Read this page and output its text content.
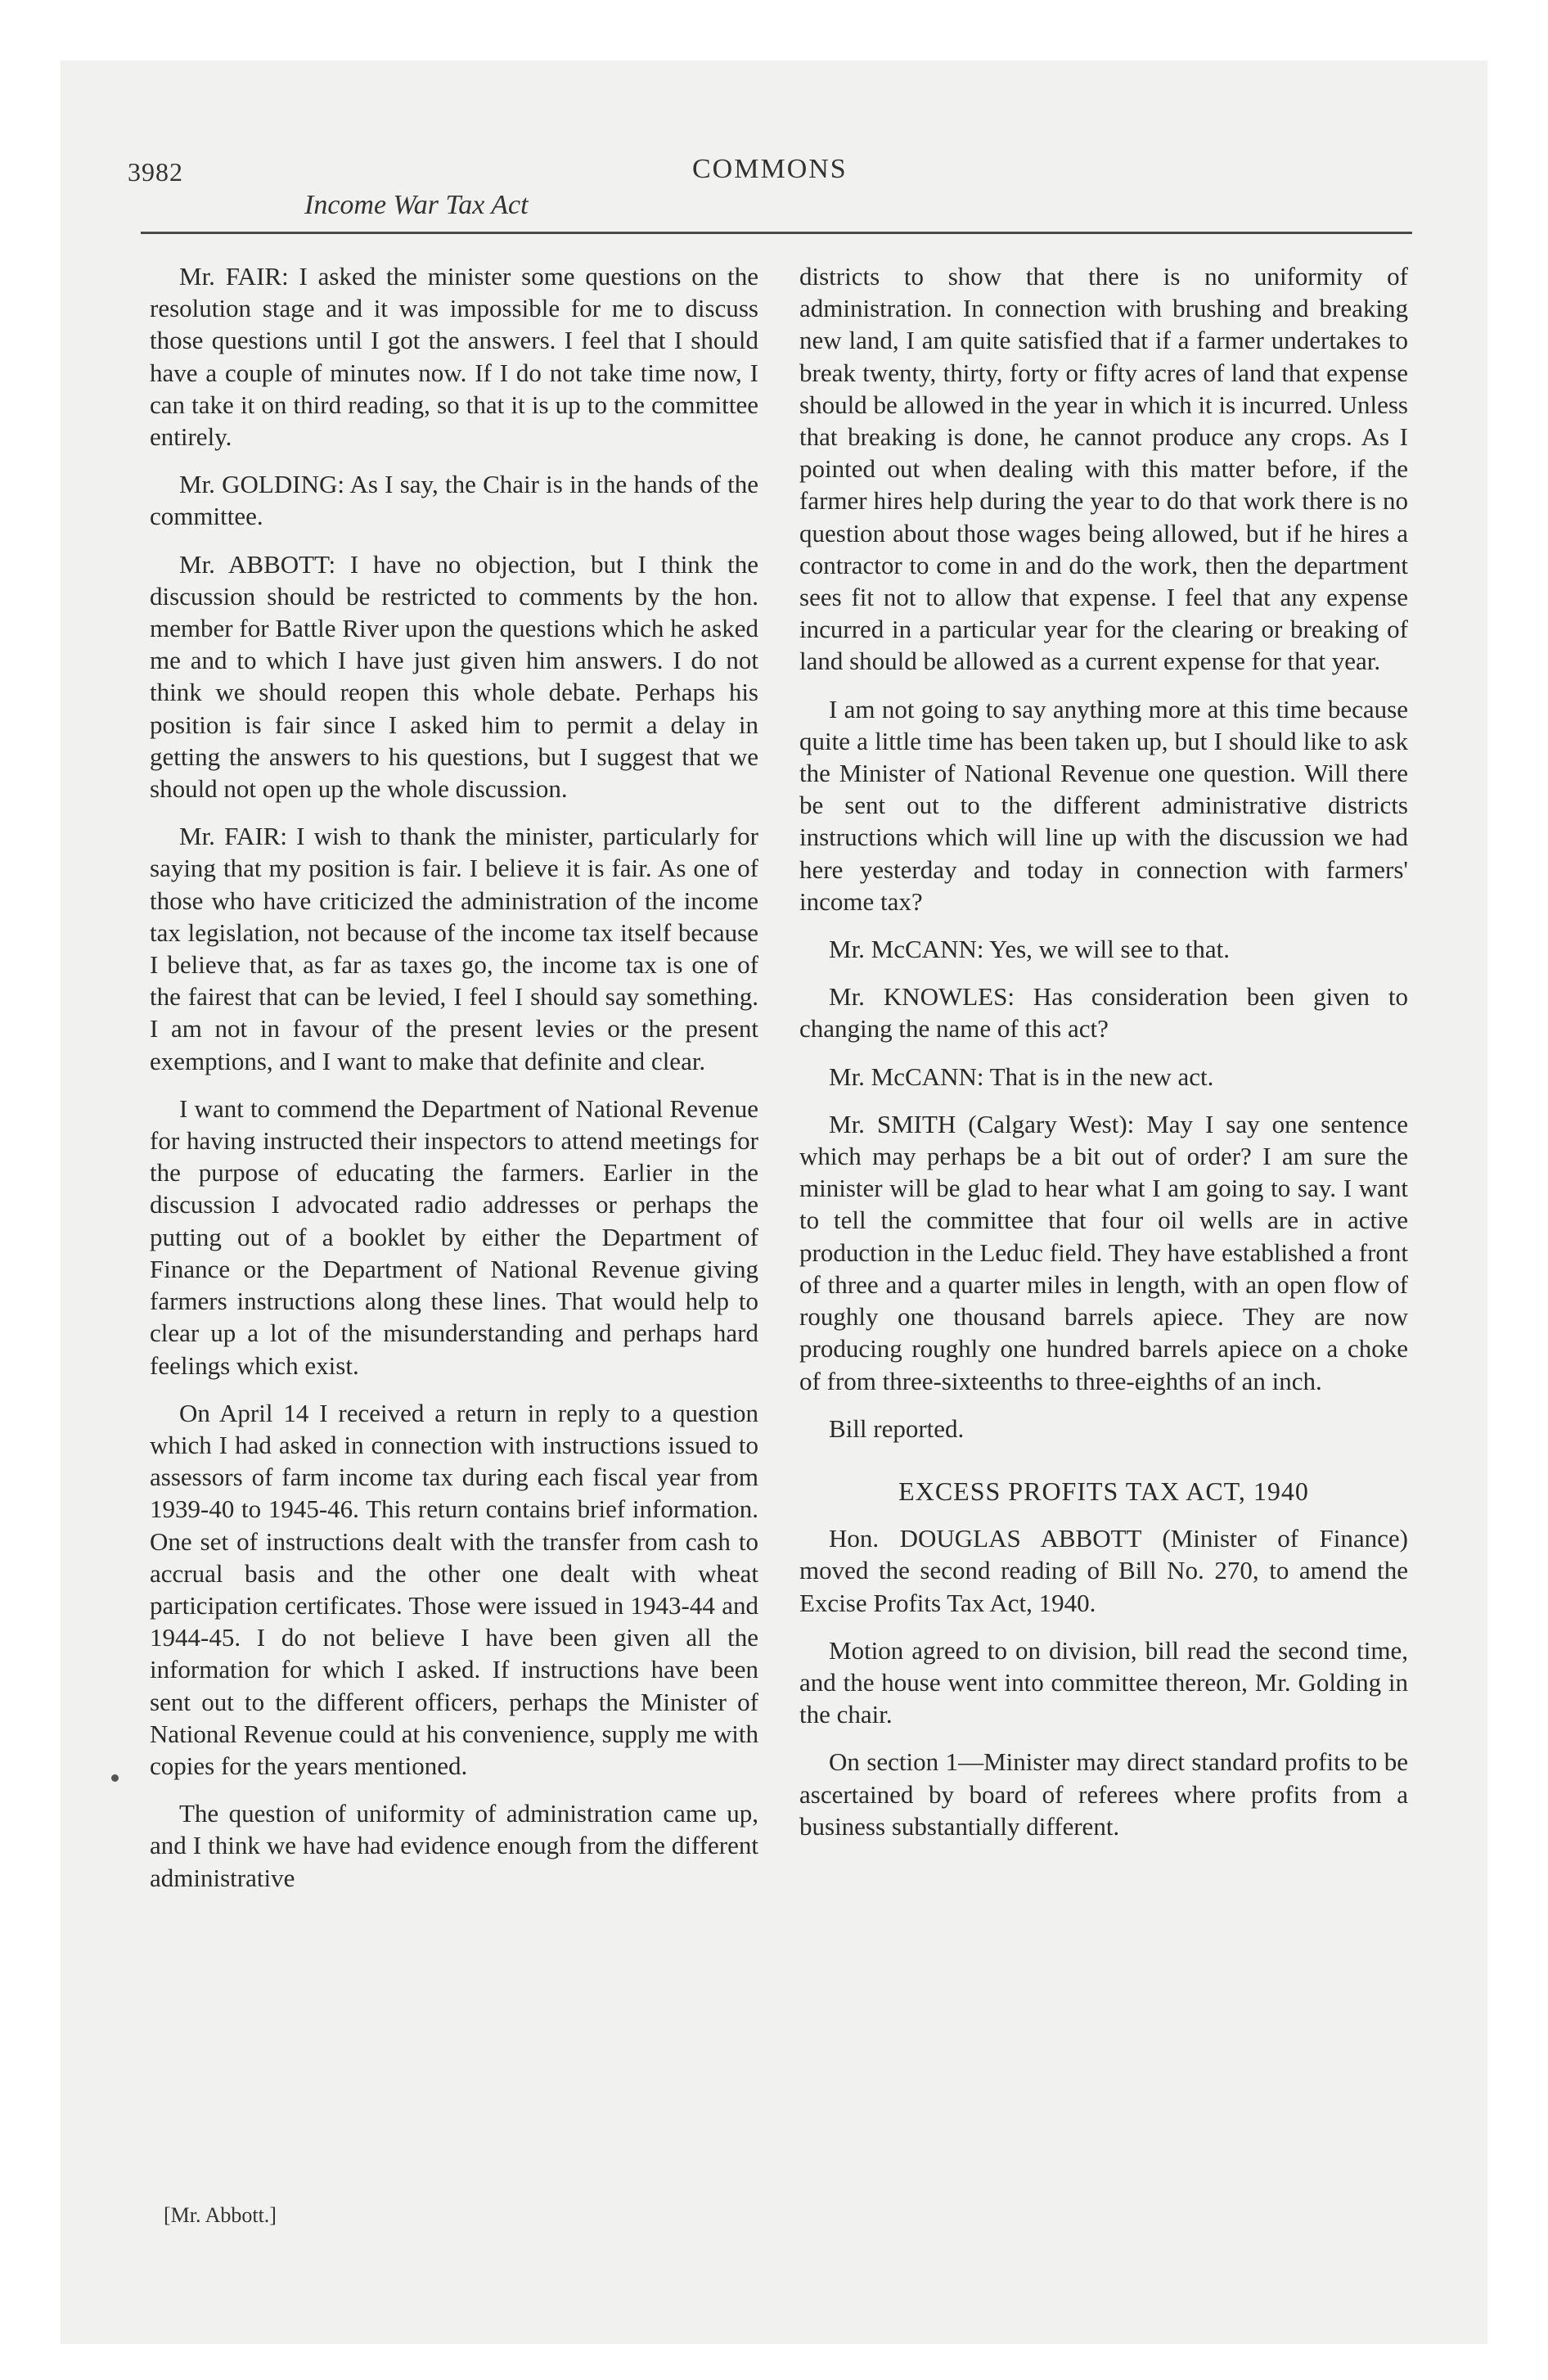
3982	COMMONS
Income War Tax Act

Mr. FAIR: I asked the minister some questions on the resolution stage and it was impossible for me to discuss those questions until I got the answers. I feel that I should have a couple of minutes now. If I do not take time now, I can take it on third reading, so that it is up to the committee entirely.

Mr. GOLDING: As I say, the Chair is in the hands of the committee.

Mr. ABBOTT: I have no objection, but I think the discussion should be restricted to comments by the hon. member for Battle River upon the questions which he asked me and to which I have just given him answers. I do not think we should reopen this whole debate. Perhaps his position is fair since I asked him to permit a delay in getting the answers to his questions, but I suggest that we should not open up the whole discussion.

Mr. FAIR: I wish to thank the minister, particularly for saying that my position is fair. I believe it is fair. As one of those who have criticized the administration of the income tax legislation, not because of the income tax itself because I believe that, as far as taxes go, the income tax is one of the fairest that can be levied, I feel I should say something. I am not in favour of the present levies or the present exemptions, and I want to make that definite and clear.

I want to commend the Department of National Revenue for having instructed their inspectors to attend meetings for the purpose of educating the farmers. Earlier in the discussion I advocated radio addresses or perhaps the putting out of a booklet by either the Department of Finance or the Department of National Revenue giving farmers instructions along these lines. That would help to clear up a lot of the misunderstanding and perhaps hard feelings which exist.

On April 14 I received a return in reply to a question which I had asked in connection with instructions issued to assessors of farm income tax during each fiscal year from 1939-40 to 1945-46. This return contains brief information. One set of instructions dealt with the transfer from cash to accrual basis and the other one dealt with wheat participation certificates. Those were issued in 1943-44 and 1944-45. I do not believe I have been given all the information for which I asked. If instructions have been sent out to the different officers, perhaps the Minister of National Revenue could at his convenience, supply me with copies for the years mentioned.

The question of uniformity of administration came up, and I think we have had evidence enough from the different administrative

districts to show that there is no uniformity of administration. In connection with brushing and breaking new land, I am quite satisfied that if a farmer undertakes to break twenty, thirty, forty or fifty acres of land that expense should be allowed in the year in which it is incurred. Unless that breaking is done, he cannot produce any crops. As I pointed out when dealing with this matter before, if the farmer hires help during the year to do that work there is no question about those wages being allowed, but if he hires a contractor to come in and do the work, then the department sees fit not to allow that expense. I feel that any expense incurred in a particular year for the clearing or breaking of land should be allowed as a current expense for that year.

I am not going to say anything more at this time because quite a little time has been taken up, but I should like to ask the Minister of National Revenue one question. Will there be sent out to the different administrative districts instructions which will line up with the discussion we had here yesterday and today in connection with farmers' income tax?

Mr. McCANN: Yes, we will see to that.

Mr. KNOWLES: Has consideration been given to changing the name of this act?

Mr. McCANN: That is in the new act.

Mr. SMITH (Calgary West): May I say one sentence which may perhaps be a bit out of order? I am sure the minister will be glad to hear what I am going to say. I want to tell the committee that four oil wells are in active production in the Leduc field. They have established a front of three and a quarter miles in length, with an open flow of roughly one thousand barrels apiece. They are now producing roughly one hundred barrels apiece on a choke of from three-sixteenths to three-eighths of an inch.

Bill reported.

EXCESS PROFITS TAX ACT, 1940

Hon. DOUGLAS ABBOTT (Minister of Finance) moved the second reading of Bill No. 270, to amend the Excise Profits Tax Act, 1940.

Motion agreed to on division, bill read the second time, and the house went into committee thereon, Mr. Golding in the chair.

On section 1—Minister may direct standard profits to be ascertained by board of referees where profits from a business substantially different.

[Mr. Abbott.]
